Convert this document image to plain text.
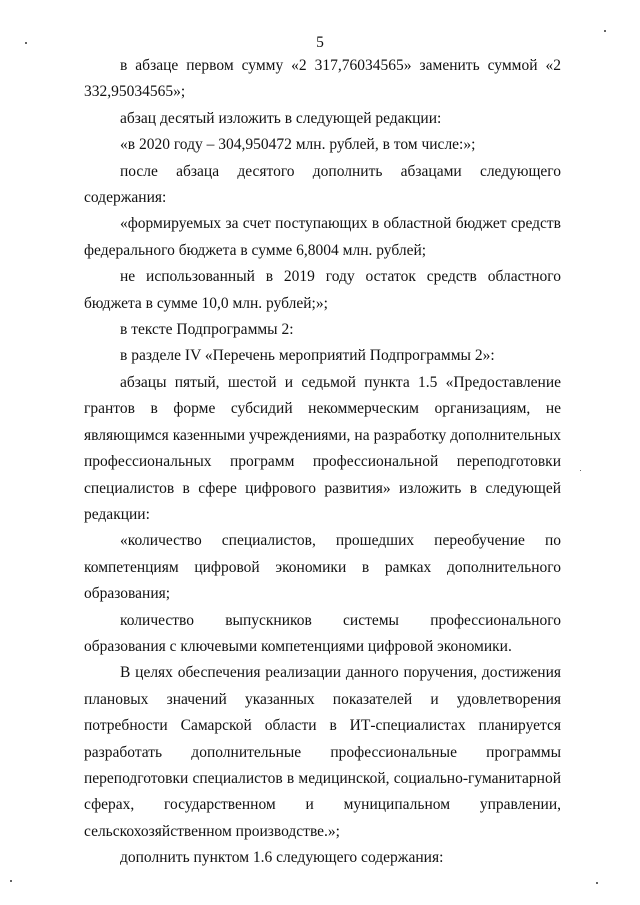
5

в абзаце первом сумму «2 317,76034565» заменить суммой «2 332,95034565»;

абзац десятый изложить в следующей редакции:

«в 2020 году – 304,950472 млн. рублей, в том числе:»;

после абзаца десятого дополнить абзацами следующего содержания:

«формируемых за счет поступающих в областной бюджет средств федерального бюджета в сумме 6,8004 млн. рублей;

не использованный в 2019 году остаток средств областного бюджета в сумме 10,0 млн. рублей;»;

в тексте Подпрограммы 2:

в разделе IV «Перечень мероприятий Подпрограммы 2»:

абзацы пятый, шестой и седьмой пункта 1.5 «Предоставление грантов в форме субсидий некоммерческим организациям, не являющимся казенными учреждениями, на разработку дополнительных профессиональных программ профессиональной переподготовки специалистов в сфере цифрового развития» изложить в следующей редакции:

«количество специалистов, прошедших переобучение по компетенциям цифровой экономики в рамках дополнительного образования;

количество выпускников системы профессионального образования с ключевыми компетенциями цифровой экономики.

В целях обеспечения реализации данного поручения, достижения плановых значений указанных показателей и удовлетворения потребности Самарской области в ИТ-специалистах планируется разработать дополнительные профессиональные программы переподготовки специалистов в медицинской, социально-гуманитарной сферах, государственном и муниципальном управлении, сельскохозяйственном производстве.»;

дополнить пунктом 1.6 следующего содержания:
